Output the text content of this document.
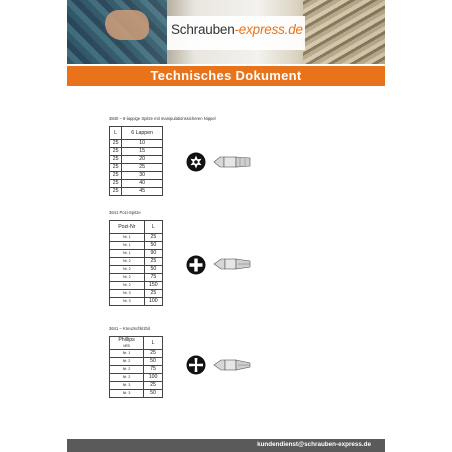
Schrauben-express.de
Technisches Dokument
3840 – 6-lappige Spitze mit manipulationssicheren Nippel
L	6 Lappen
25	10
25	15
25	20
25	25
25	30
25	40
25	45
3641 Pozi-Spitze
Pozi-Nr	L
Nr. 1	25
Nr. 1	50
Nr. 1	90
Nr. 2	25
Nr. 2	50
Nr. 2	75
Nr. 2	150
Nr. 3	25
Nr. 3	100
3641 – Kreuzschlitzbit
Phillips
NRS	L
Nr. 1	25
Nr. 2	50
Nr. 2	75
Nr. 2	100
Nr. 3	25
Nr. 3	50
kundendienst@schrauben-express.de
